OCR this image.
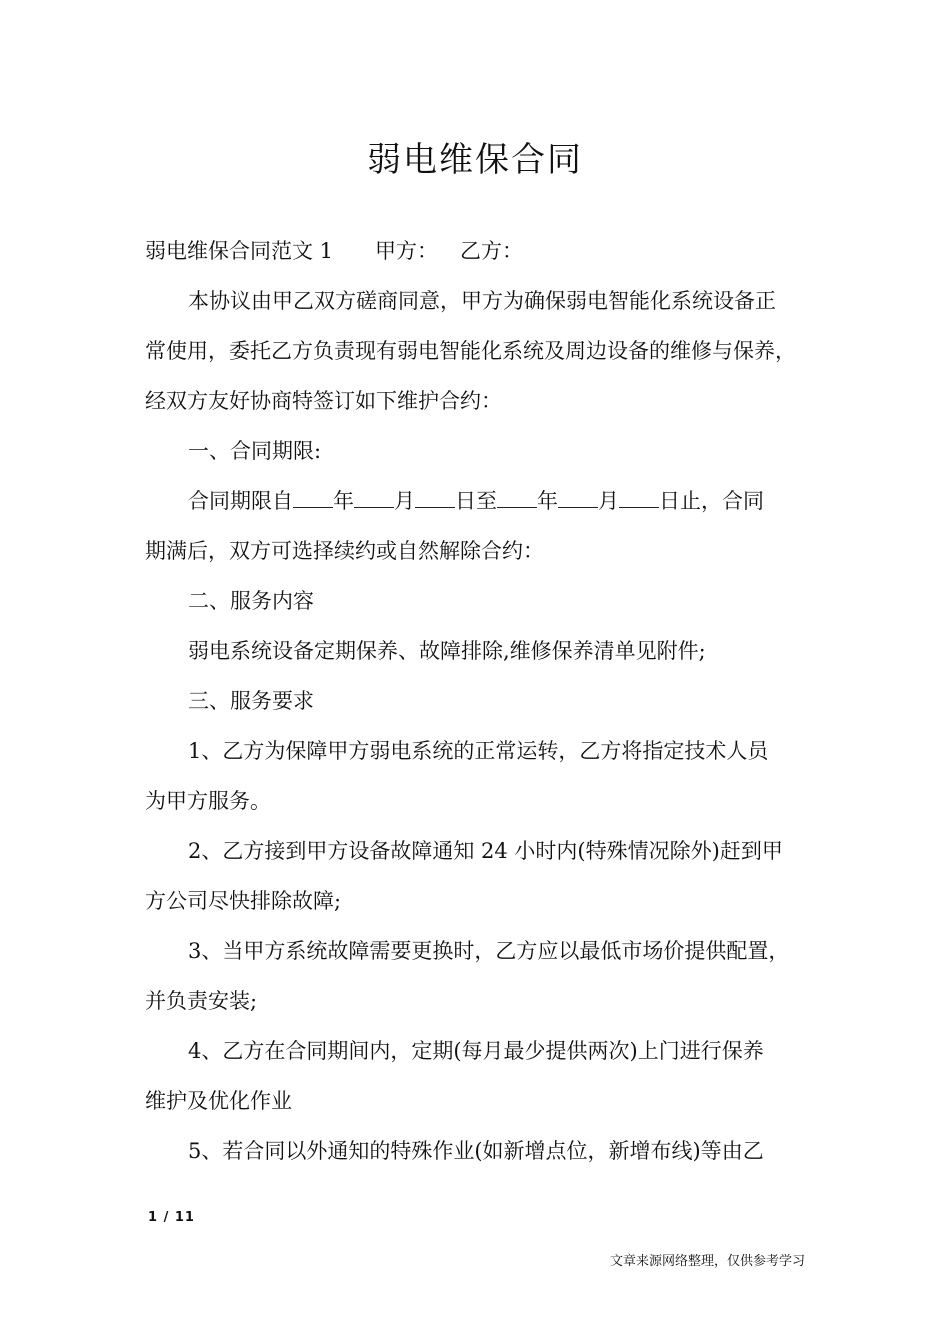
弱电维保合同
弱电维保合同范文 1 甲方： 乙方：
本协议由甲乙双方磋商同意，甲方为确保弱电智能化系统设备正
常使用，委托乙方负责现有弱电智能化系统及周边设备的维修与保养，
经双方友好协商特签订如下维护合约：
一、合同期限:
合同期限自 年 月 日至 年 月 日止，合同
期满后，双方可选择续约或自然解除合约：
二、服务内容
弱电系统设备定期保养、故障排除,维修保养清单见附件;
三、服务要求
1、乙方为保障甲方弱电系统的正常运转，乙方将指定技术人员
为甲方服务。
2、乙方接到甲方设备故障通知 24 小时内(特殊情况除外)赶到甲
方公司尽快排除故障;
3、当甲方系统故障需要更换时，乙方应以最低市场价提供配置，
并负责安装;
4、乙方在合同期间内，定期(每月最少提供两次)上门进行保养
维护及优化作业
5、若合同以外通知的特殊作业(如新增点位，新增布线)等由乙
1 / 11
文章来源网络整理，仅供参考学习
